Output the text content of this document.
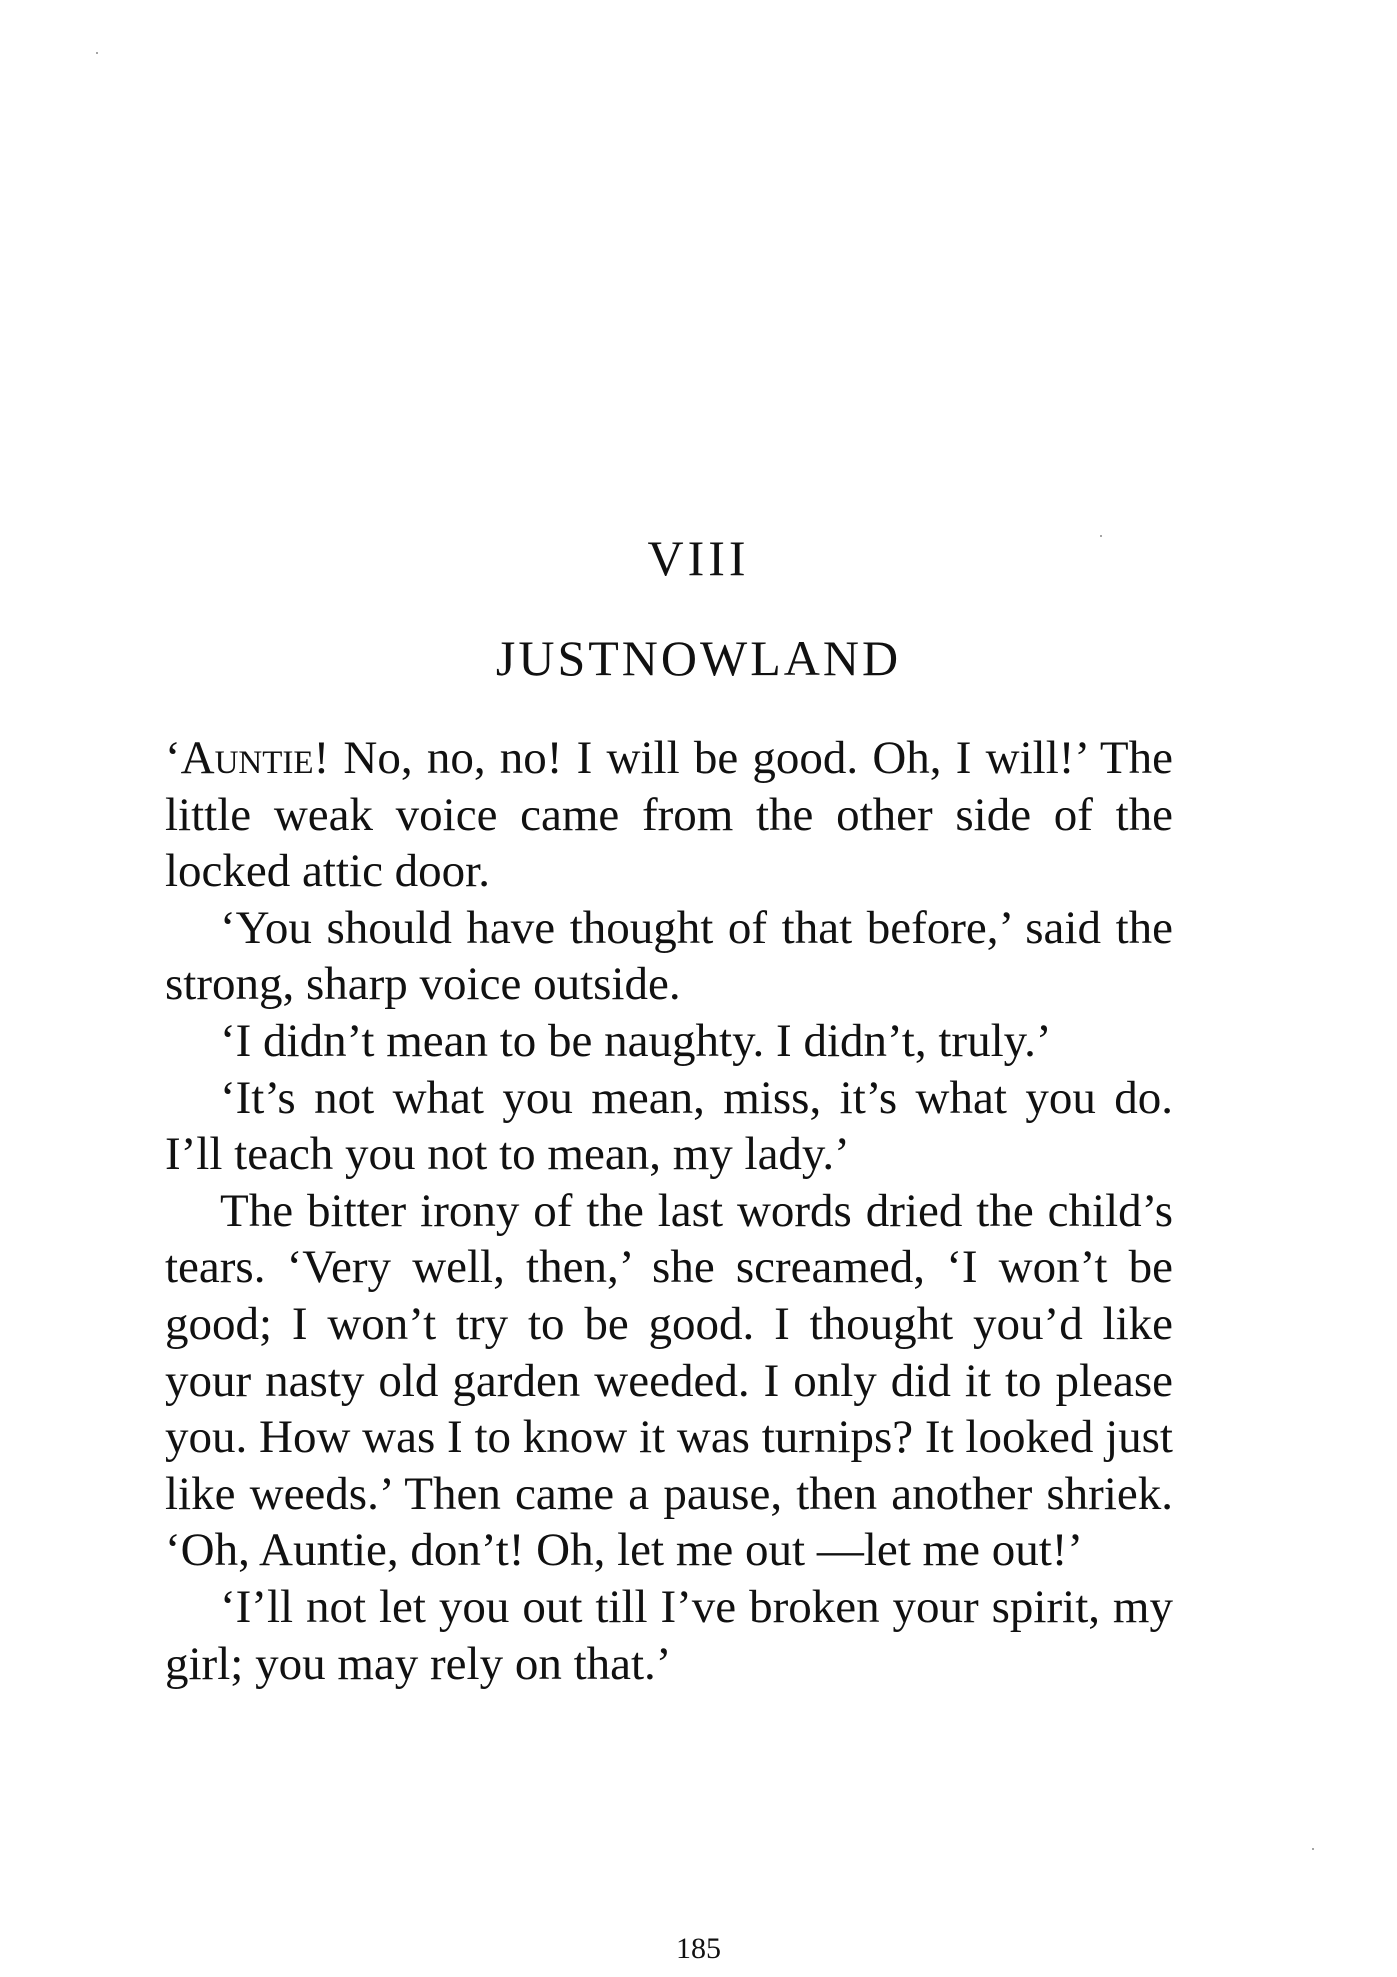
VIII
JUSTNOWLAND

‘Auntie! No, no, no! I will be good. Oh, I will!’ The little weak voice came from the other side of the locked attic door.

‘You should have thought of that before,’ said the strong, sharp voice outside.

‘I didn’t mean to be naughty. I didn’t, truly.’

‘It’s not what you mean, miss, it’s what you do. I’ll teach you not to mean, my lady.’

The bitter irony of the last words dried the child’s tears. ‘Very well, then,’ she screamed, ‘I won’t be good; I won’t try to be good. I thought you’d like your nasty old garden weeded. I only did it to please you. How was I to know it was turnips? It looked just like weeds.’ Then came a pause, then another shriek. ‘Oh, Auntie, don’t! Oh, let me out —let me out!’

‘I’ll not let you out till I’ve broken your spirit, my girl; you may rely on that.’

185
